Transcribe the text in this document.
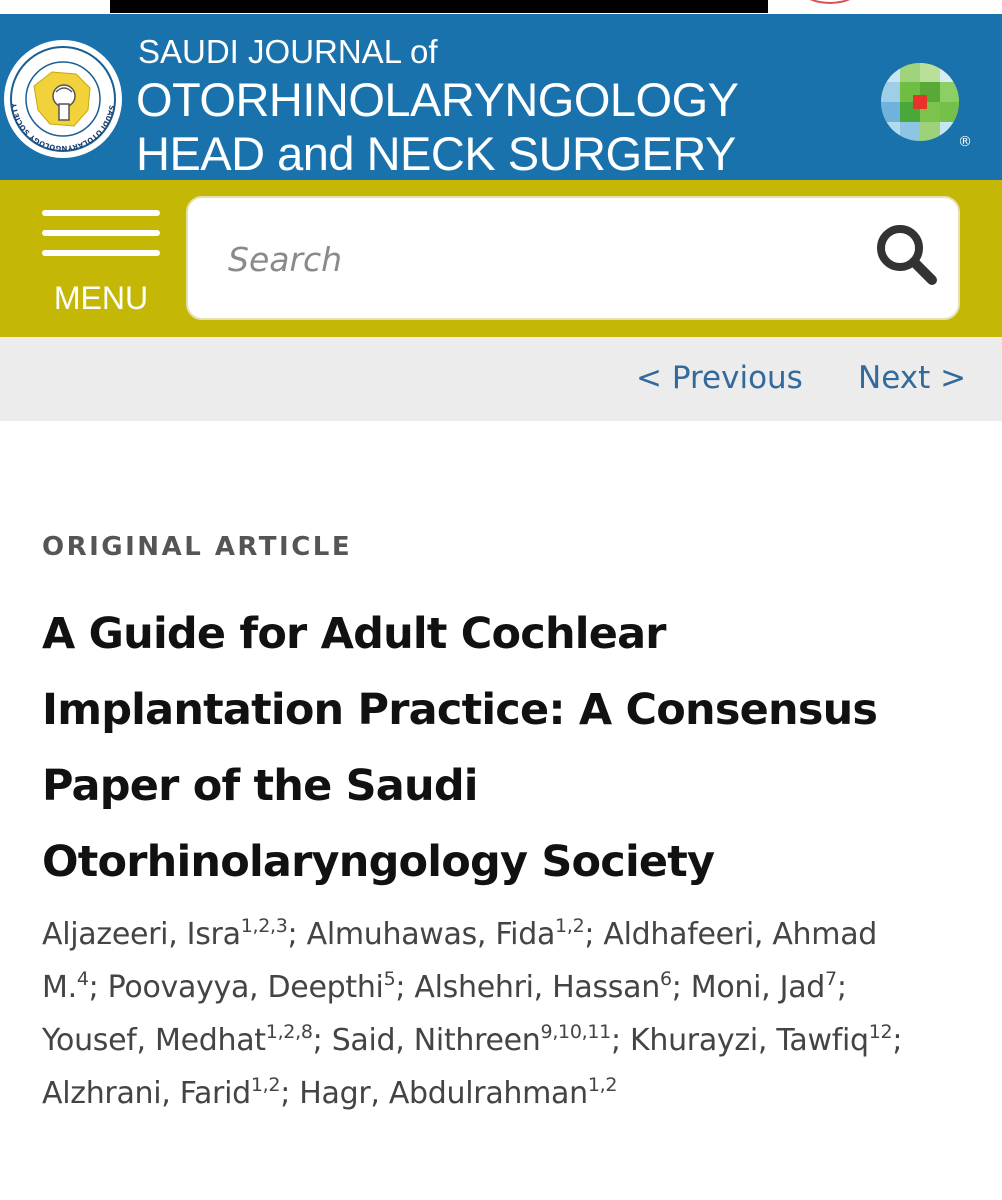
SAUDI OTOLARYNGOLOGY SOCIETY
SAUDI JOURNAL of
OTORHINOLARYNGOLOGY
HEAD and NECK SURGERY	®
MENU
Search
< Previous Next >
ORIGINAL ARTICLE
A Guide for Adult Cochlear Implantation Practice: A Consensus Paper of the Saudi Otorhinolaryngology Society
Aljazeeri, Isra$^{1,2,3}$; Almuhawas, Fida$^{1,2}$; Aldhafeeri, Ahmad M.$^4$; Poovayya, Deepthi$^5$; Alshehri, Hassan$^6$; Moni, Jad$^7$; Yousef, Medhat$^{1,2,8}$; Said, Nithreen$^{9,10,11}$; Khurayzi, Tawfiq$^{12}$; Alzhrani, Farid$^{1,2}$; Hagr, Abdulrahman$^{1,2}$
